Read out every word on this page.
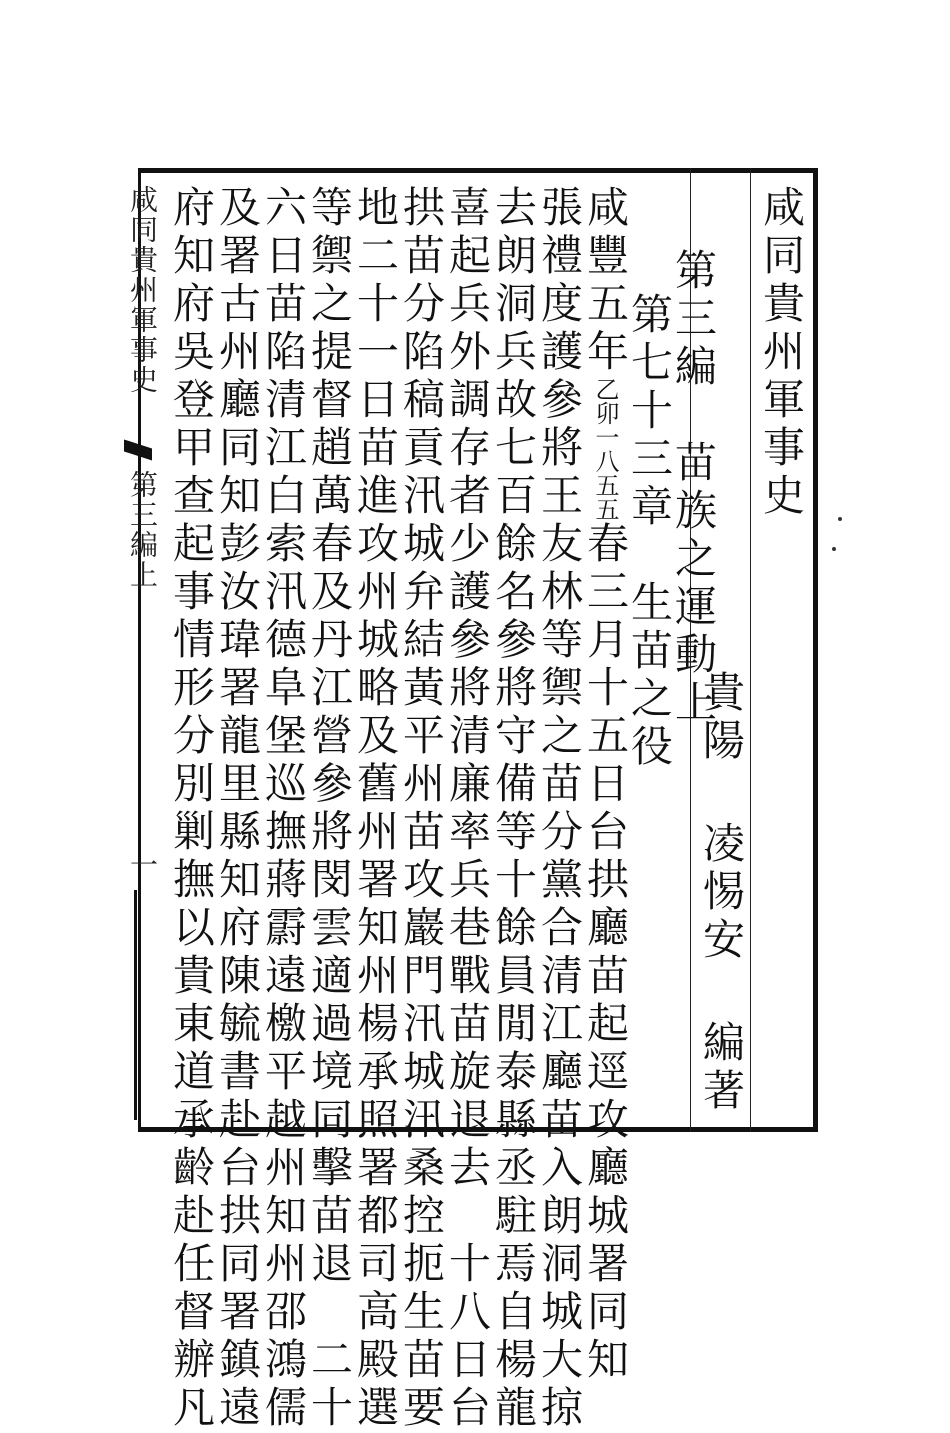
咸同貴州軍事史
貴陽 凌惕安 編著
第三編　苗族之運動上
第七十三章　生苗之役
咸豐五年乙卯一八五五春三月十五日台拱廳苗起逕攻廳城署同知
張禮度護參將王友林等禦之苗分黨合清江廳苗入朗洞城大掠
去朗洞兵故七百餘名參將守備等十餘員閒泰縣丞駐焉自楊龍
喜起兵外調存者少護參將清廉率兵巷戰苗旋退去　十八日台
拱苗分陷稿貢汛城弁結黃平州苗攻巖門汛城汛桑控扼生苗要
地二十一日苗進攻州城略及舊州署知州楊承照署都司高殿選
等禦之提督趙萬春及丹江營參將閔雲適過境同擊苗退　二十
六日苗陷清江白索汛德阜堡巡撫蔣霨遠檄平越州知州邵鴻儒
及署古州廳同知彭汝瑋署龍里縣知府陳毓書赴台拱同署鎮遠
府知府吳登甲查起事情形分別剿撫以貴東道承齡赴任督辦凡
咸同貴州軍事史
第三編上
一
